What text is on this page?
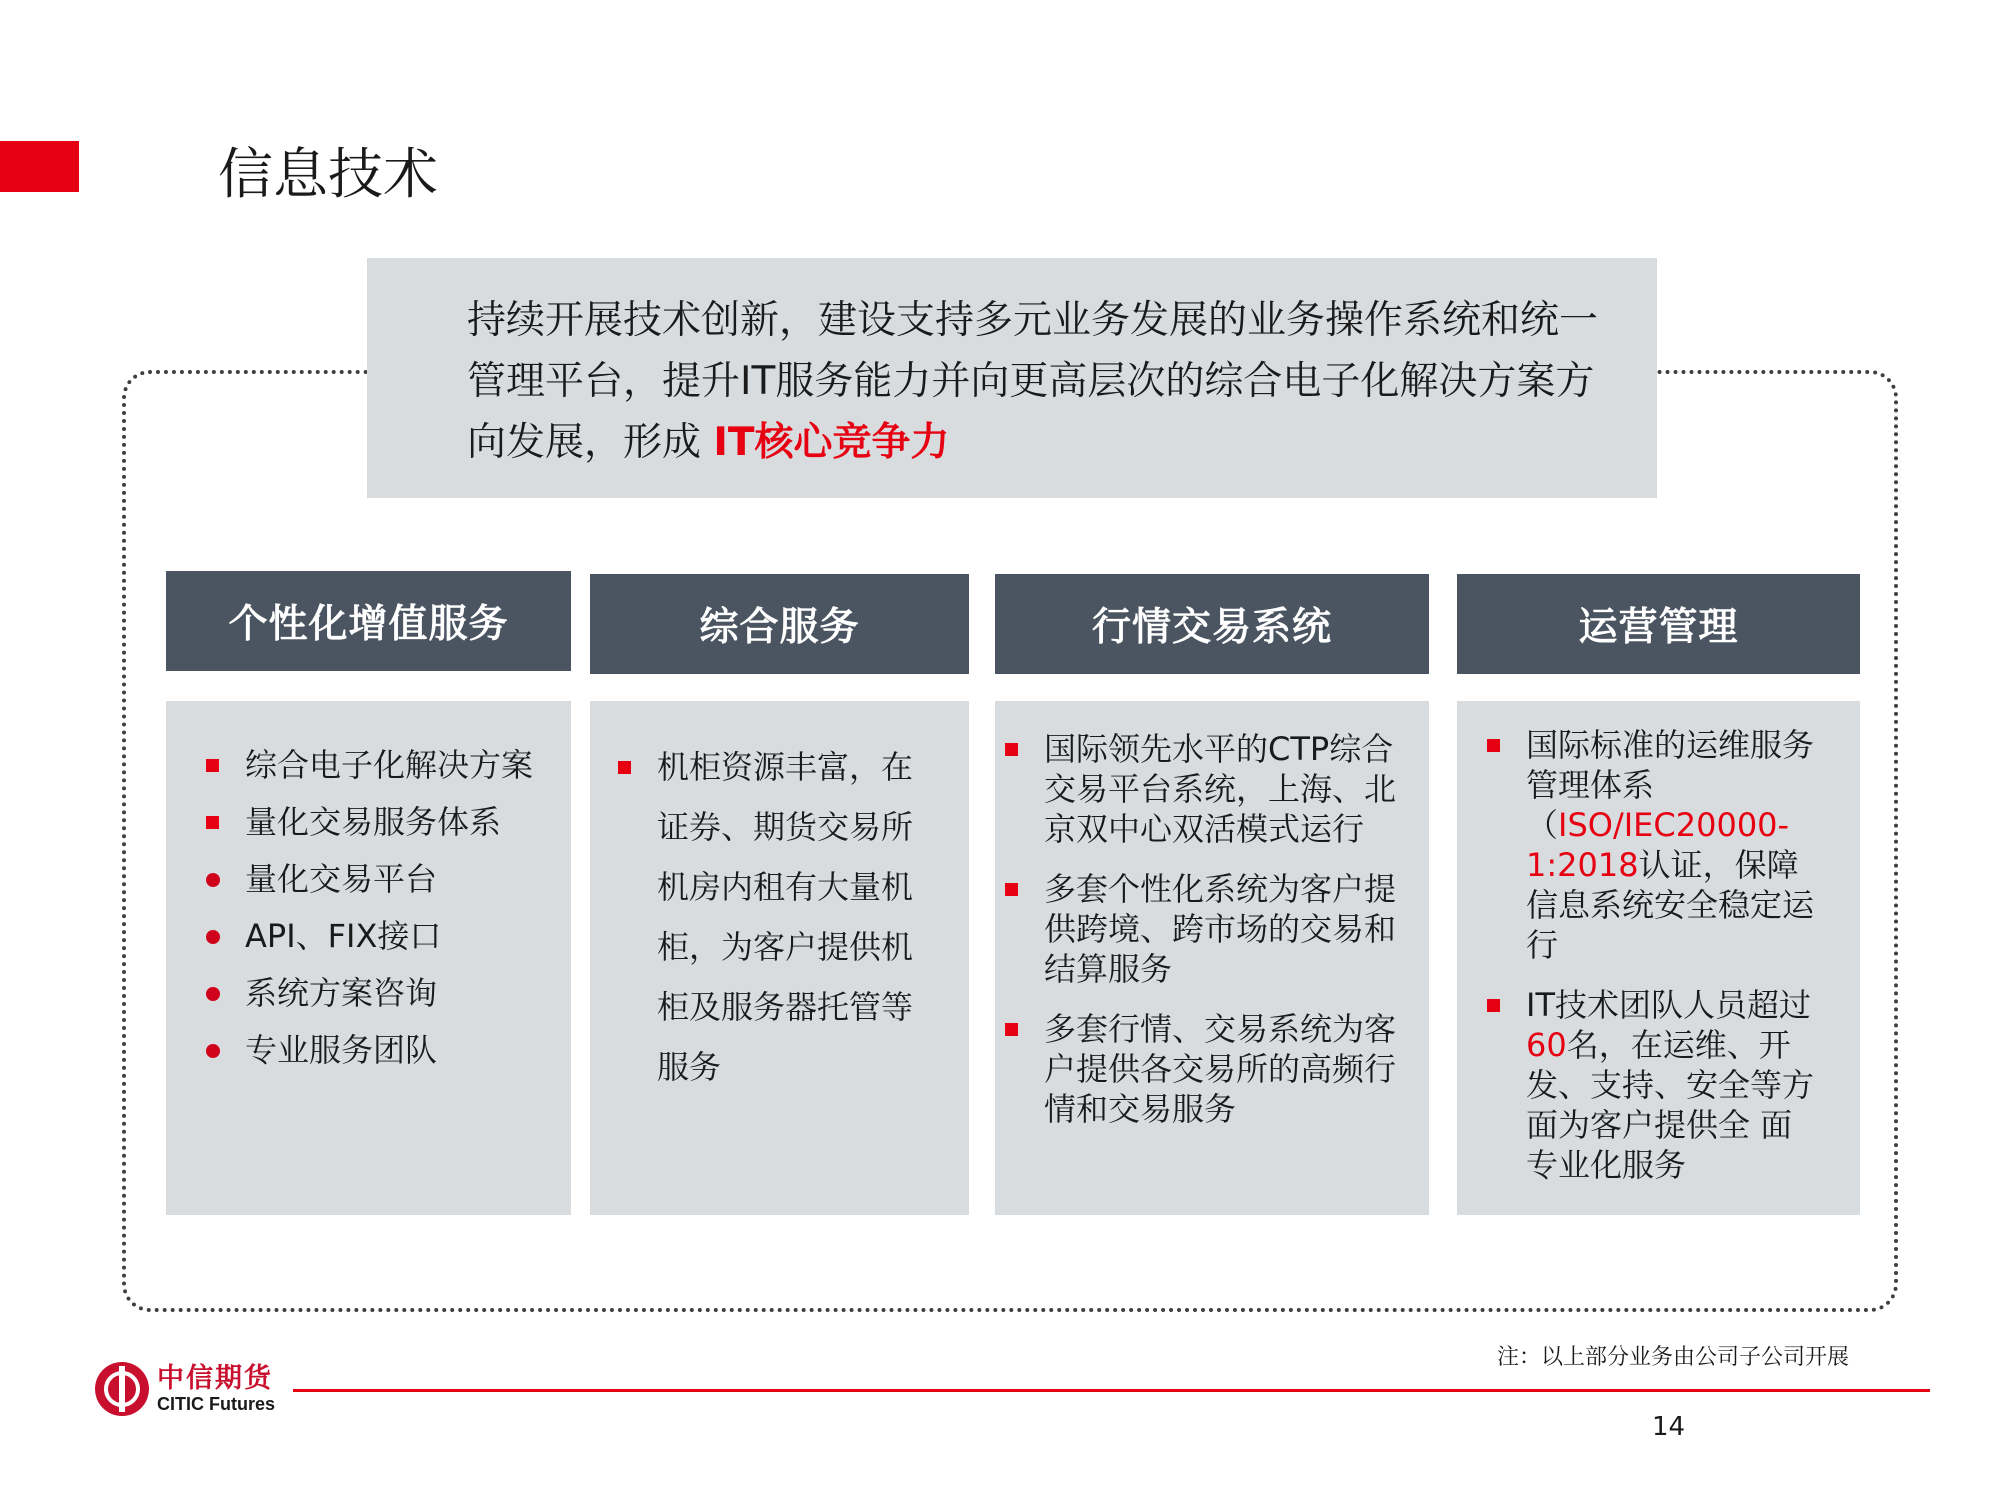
信息技术

持续开展技术创新，建设支持多元业务发展的业务操作系统和统一管理平台，提升IT服务能力并向更高层次的综合电子化解决方案方向发展，形成 IT核心竞争力

个性化增值服务
综合电子化解决方案
量化交易服务体系
量化交易平台
API、FIX接口
系统方案咨询
专业服务团队
综合服务
机柜资源丰富，在证券、期货交易所机房内租有大量机柜，为客户提供机柜及服务器托管等服务
行情交易系统
国际领先水平的CTP综合交易平台系统，上海、北京双中心双活模式运行
多套个性化系统为客户提供跨境、跨市场的交易和结算服务
多套行情、交易系统为客户提供各交易所的高频行情和交易服务
运营管理
国际标准的运维服务管理体系（ISO/IEC20000-1:2018认证，保障信息系统安全稳定运行
IT技术团队人员超过60名，在运维、开发、支持、安全等方面为客户提供全 面专业化服务
注：以上部分业务由公司子公司开展
中信期货
CITIC Futures
14
